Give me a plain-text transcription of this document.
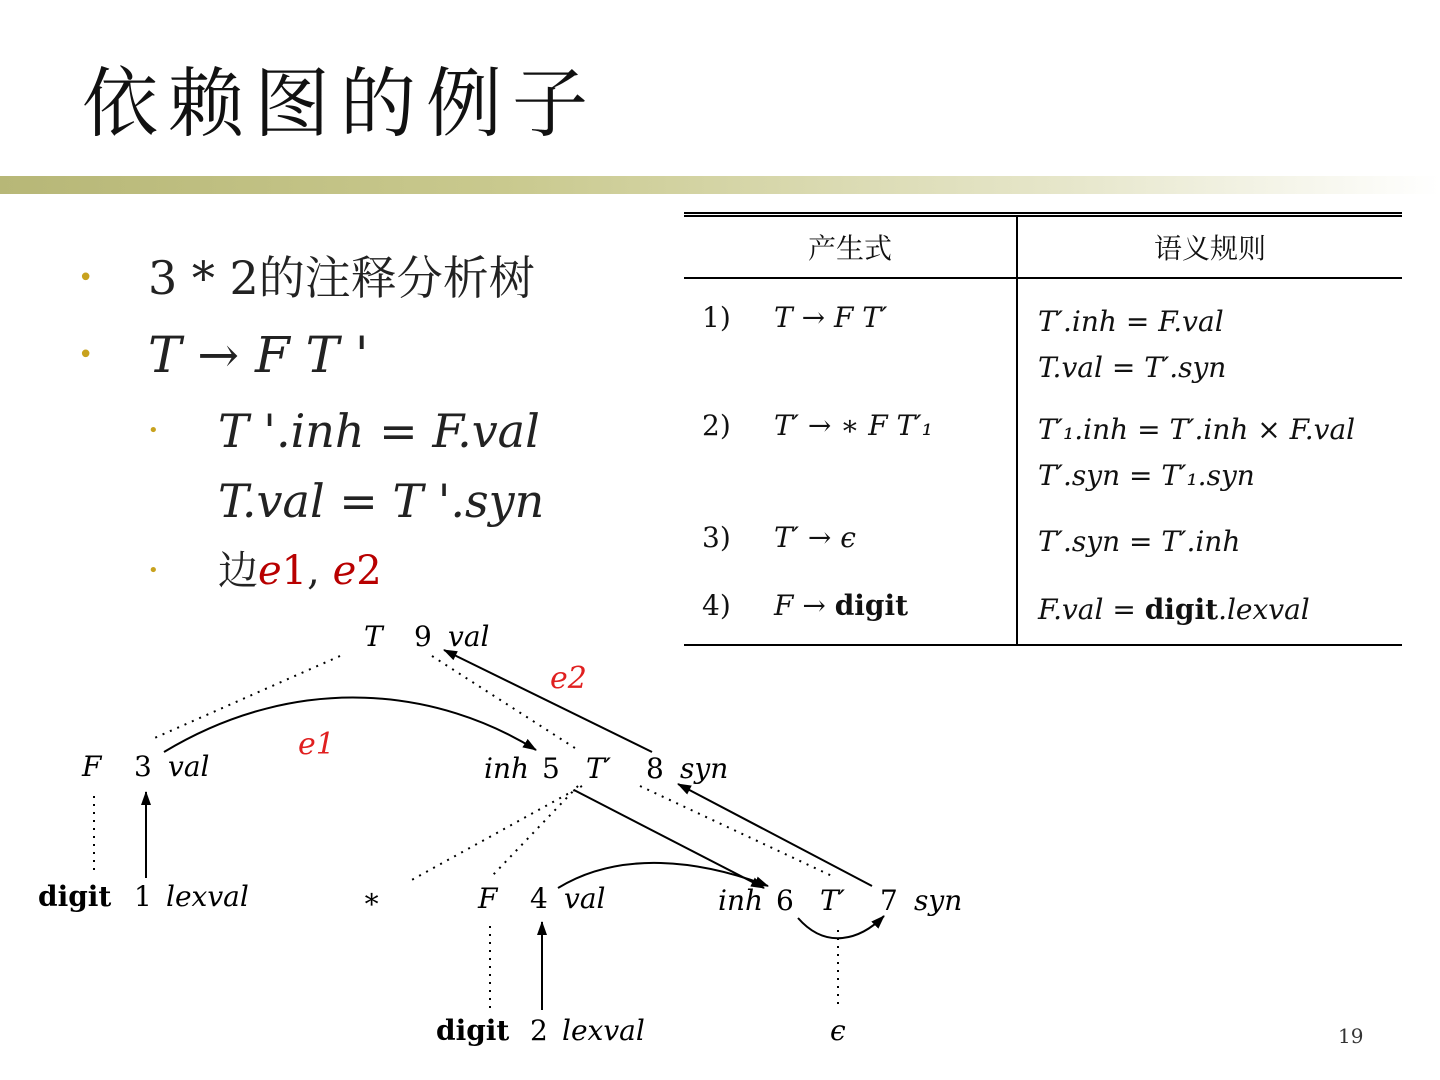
依赖图的例子
• 3 * 2的注释分析树
• T → F T '
• T '.inh = F.val
T.val = T '.syn
• 边e1, e2
产生式	语义规则
1) T → F T′	T′.inh = F.val
T.val = T′.syn

2) T′ → ∗ F T′₁	T′₁.inh = T′.inh × F.val
T′.syn = T′₁.syn

3) T′ → ϵ	T′.syn = T′.inh

4) F → digit	F.val = digit.lexval
e1
e2
T 9 val
F 3 val	inh 5 T′ 8 syn
digit 1 lexval	∗	F 4 val	inh 6 T′ 7 syn
digit 2 lexval	ϵ	19
